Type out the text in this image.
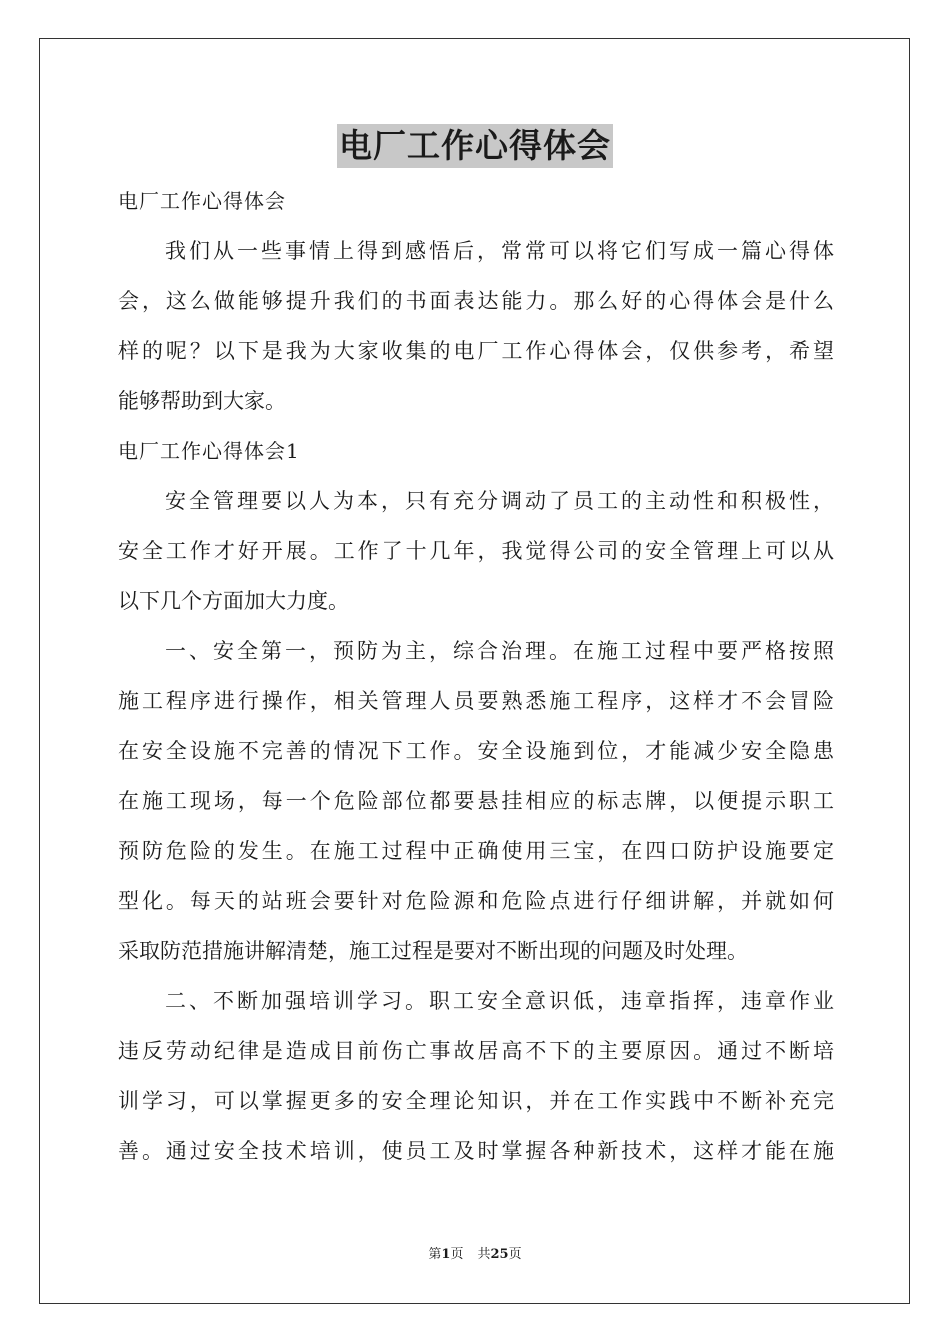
电厂工作心得体会
电厂工作心得体会
我们从一些事情上得到感悟后，常常可以将它们写成一篇心得体
会，这么做能够提升我们的书面表达能力。那么好的心得体会是什么
样的呢？以下是我为大家收集的电厂工作心得体会，仅供参考，希望
能够帮助到大家。
电厂工作心得体会1
安全管理要以人为本，只有充分调动了员工的主动性和积极性，
安全工作才好开展。工作了十几年，我觉得公司的安全管理上可以从
以下几个方面加大力度。
一、安全第一，预防为主，综合治理。在施工过程中要严格按照
施工程序进行操作，相关管理人员要熟悉施工程序，这样才不会冒险
在安全设施不完善的情况下工作。安全设施到位，才能减少安全隐患
在施工现场，每一个危险部位都要悬挂相应的标志牌，以便提示职工
预防危险的发生。在施工过程中正确使用三宝，在四口防护设施要定
型化。每天的站班会要针对危险源和危险点进行仔细讲解，并就如何
采取防范措施讲解清楚，施工过程是要对不断出现的问题及时处理。
二、不断加强培训学习。职工安全意识低，违章指挥，违章作业
违反劳动纪律是造成目前伤亡事故居高不下的主要原因。通过不断培
训学习，可以掌握更多的安全理论知识，并在工作实践中不断补充完
善。通过安全技术培训，使员工及时掌握各种新技术，这样才能在施
第1页 共25页
